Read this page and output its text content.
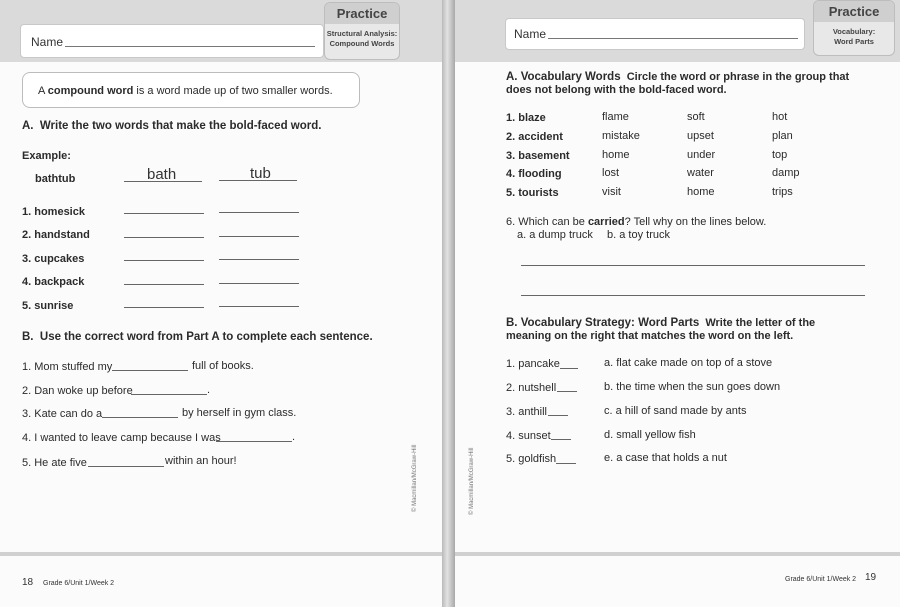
Name
Practice
Structural Analysis:
Compound Words
A compound word is a word made up of two smaller words.
A. Write the two words that make the bold-faced word.
Example:
bathtub	bath	tub
1. homesick
2. handstand
3. cupcakes
4. backpack
5. sunrise
B. Use the correct word from Part A to complete each sentence.
1. Mom stuffed my	full of books.
2. Dan woke up before	.
3. Kate can do a	by herself in gym class.
4. I wanted to leave camp because I was	.
5. He ate five	within an hour!	© Macmillan/McGraw-Hill
18 Grade 6/Unit 1/Week 2
Name
Practice
Vocabulary:
Word Parts
A. Vocabulary Words Circle the word or phrase in the group that
does not belong with the bold-faced word.
1. blaze	flame	soft	hot
2. accident	mistake	upset	plan
3. basement	home	under	top
4. flooding	lost	water	damp
5. tourists	visit	home	trips
6. Which can be carried? Tell why on the lines below.
a. a dump truck b. a toy truck
B. Vocabulary Strategy: Word Parts Write the letter of the
meaning on the right that matches the word on the left.
1. pancake	a. flat cake made on top of a stove
2. nutshell	b. the time when the sun goes down
3. anthill	c. a hill of sand made by ants
4. sunset	d. small yellow fish
5. goldfish	e. a case that holds a nut
© Macmillan/McGraw-Hill
Grade 6/Unit 1/Week 2 19
